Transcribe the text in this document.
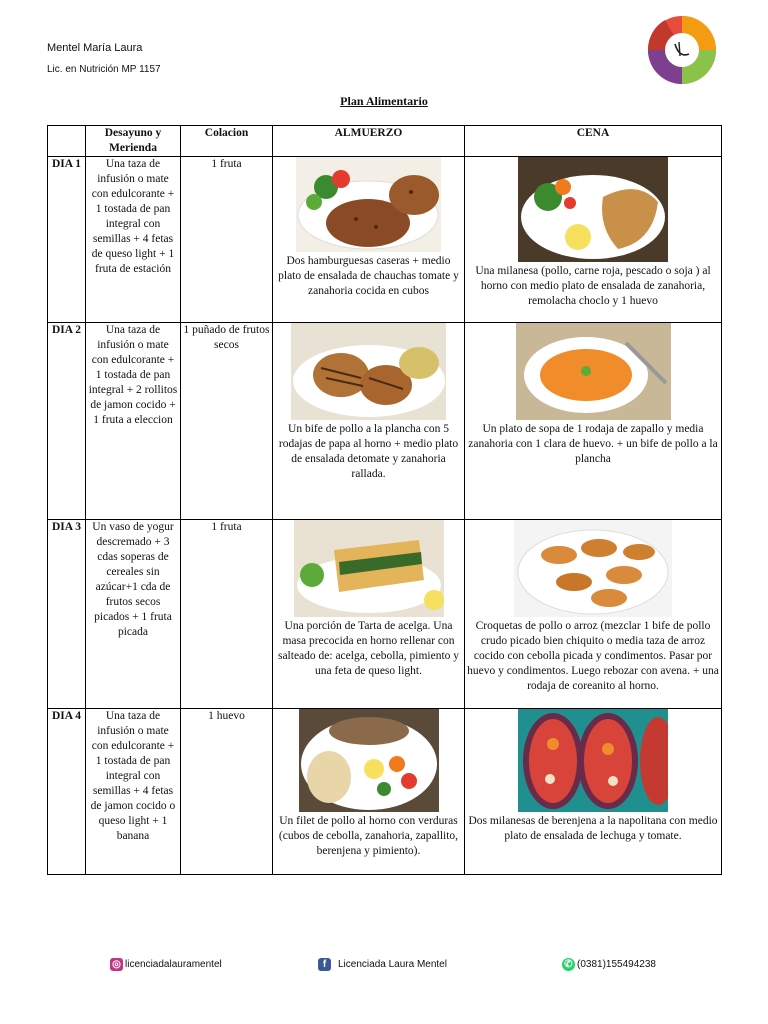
Mentel María Laura
Lic. en Nutrición MP 1157
Plan Alimentario
	Desayuno y Merienda	Colacion	ALMUERZO	CENA
DIA 1	Una taza de infusión o mate con edulcorante + 1 tostada de pan integral con semillas + 4 fetas de queso light + 1 fruta de estación	1 fruta	Dos hamburguesas caseras + medio plato de ensalada de chauchas tomate y zanahoria cocida en cubos	Una milanesa (pollo, carne roja, pescado o soja ) al horno con medio plato de ensalada de zanahoria, remolacha choclo y 1 huevo

DIA 2	Una taza de infusión o mate con edulcorante + 1 tostada de pan integral + 2 rollitos de jamon cocido + 1 fruta a eleccion	1 puñado de frutos secos	Un bife de pollo a la plancha con 5 rodajas de papa al horno + medio plato de ensalada detomate y zanahoria rallada.	Un plato de sopa de 1 rodaja de zapallo y media zanahoria con 1 clara de huevo. + un bife de pollo a la plancha

DIA 3	Un vaso de yogur descremado + 3 cdas soperas de cereales sin azúcar+1 cda de frutos secos picados + 1 fruta picada	1 fruta	Una porción de Tarta de acelga. Una masa precocida en horno rellenar con salteado de: acelga, cebolla, pimiento y una feta de queso light.	Croquetas de pollo o arroz (mezclar 1 bife de pollo crudo picado bien chiquito o media taza de arroz cocido con cebolla picada y condimentos. Pasar por huevo y condimentos. Luego rebozar con avena. + una rodaja de coreanito al horno.

DIA 4	Una taza de infusión o mate con edulcorante + 1 tostada de pan integral con semillas + 4 fetas de jamon cocido o queso light + 1 banana	1 huevo	Un filet de pollo al horno con verduras (cubos de cebolla, zanahoria, zapallito, berenjena y pimiento).	Dos milanesas de berenjena a la napolitana con medio plato de ensalada de lechuga y tomate.
◎ licenciadalauramentel	f	Licenciada Laura Mentel	✆ (0381)155494238
